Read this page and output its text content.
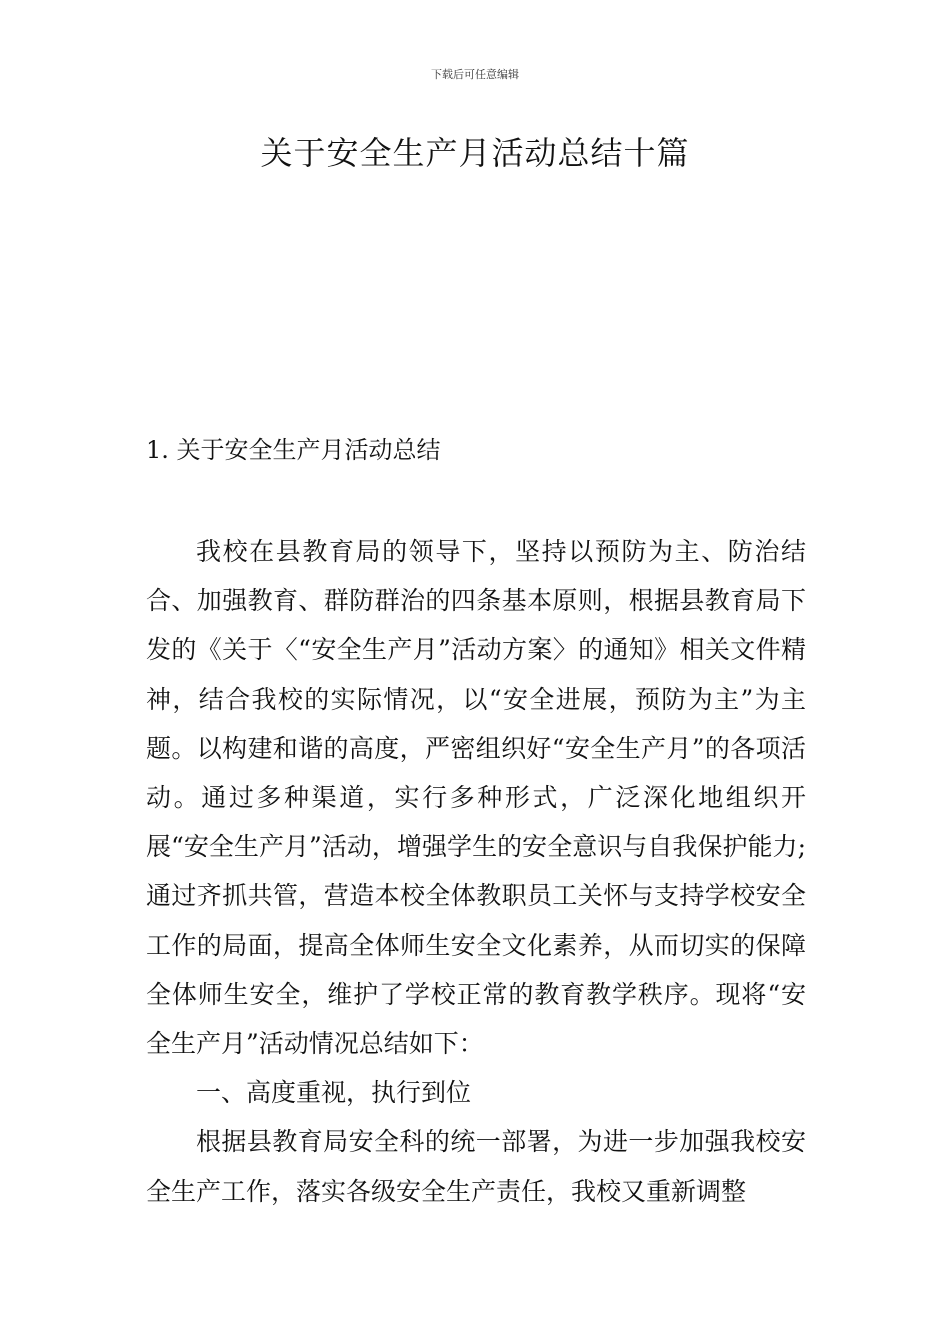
下载后可任意编辑
关于安全生产月活动总结十篇
1. 关于安全生产月活动总结

我校在县教育局的领导下，坚持以预防为主、防治结合、加强教育、群防群治的四条基本原则，根据县教育局下发的《关于〈“安全生产月”活动方案〉的通知》相关文件精神，结合我校的实际情况，以“安全进展，预防为主”为主题。以构建和谐的高度，严密组织好“安全生产月”的各项活动。通过多种渠道，实行多种形式，广泛深化地组织开展“安全生产月”活动，增强学生的安全意识与自我保护能力;通过齐抓共管，营造本校全体教职员工关怀与支持学校安全工作的局面，提高全体师生安全文化素养，从而切实的保障全体师生安全，维护了学校正常的教育教学秩序。现将“安全生产月”活动情况总结如下：

一、高度重视，执行到位

根据县教育局安全科的统一部署，为进一步加强我校安全生产工作，落实各级安全生产责任，我校又重新调整
